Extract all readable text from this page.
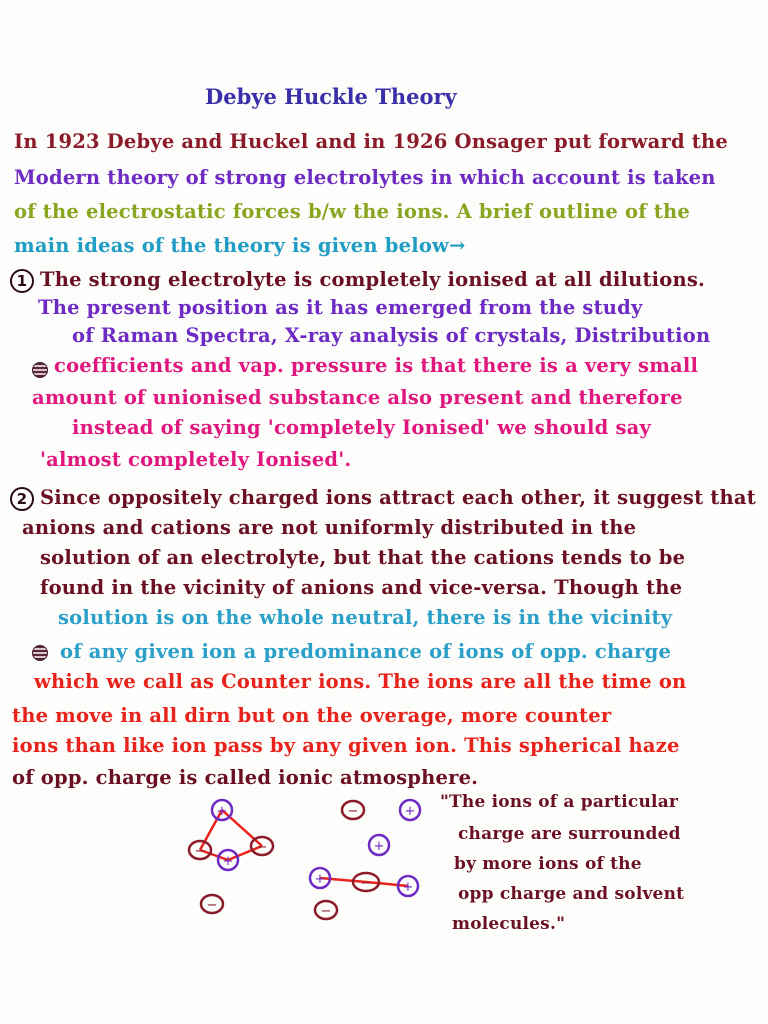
Debye Huckle Theory
In 1923 Debye and Huckel and in 1926 Onsager put forward the
Modern theory of strong electrolytes in which account is taken
of the electrostatic forces b/w the ions. A brief outline of the
main ideas of the theory is given below→
1 The strong electrolyte is completely ionised at all dilutions.
The present position as it has emerged from the study
of Raman Spectra, X-ray analysis of crystals, Distribution
coefficients and vap. pressure is that there is a very small
amount of unionised substance also present and therefore
instead of saying 'completely Ionised' we should say
'almost completely Ionised'.
2 Since oppositely charged ions attract each other, it suggest that
anions and cations are not uniformly distributed in the
solution of an electrolyte, but that the cations tends to be
found in the vicinity of anions and vice-versa. Though the
solution is on the whole neutral, there is in the vicinity
of any given ion a predominance of ions of opp. charge
which we call as Counter ions. The ions are all the time on
the move in all dirn but on the overage, more counter
ions than like ion pass by any given ion. This spherical haze
of opp. charge is called ionic atmosphere.
"The ions of a particular
charge are surrounded
by more ions of the
opp charge and solvent
molecules."
+
+
+
+
+
+
−	−
−
−
−	−
